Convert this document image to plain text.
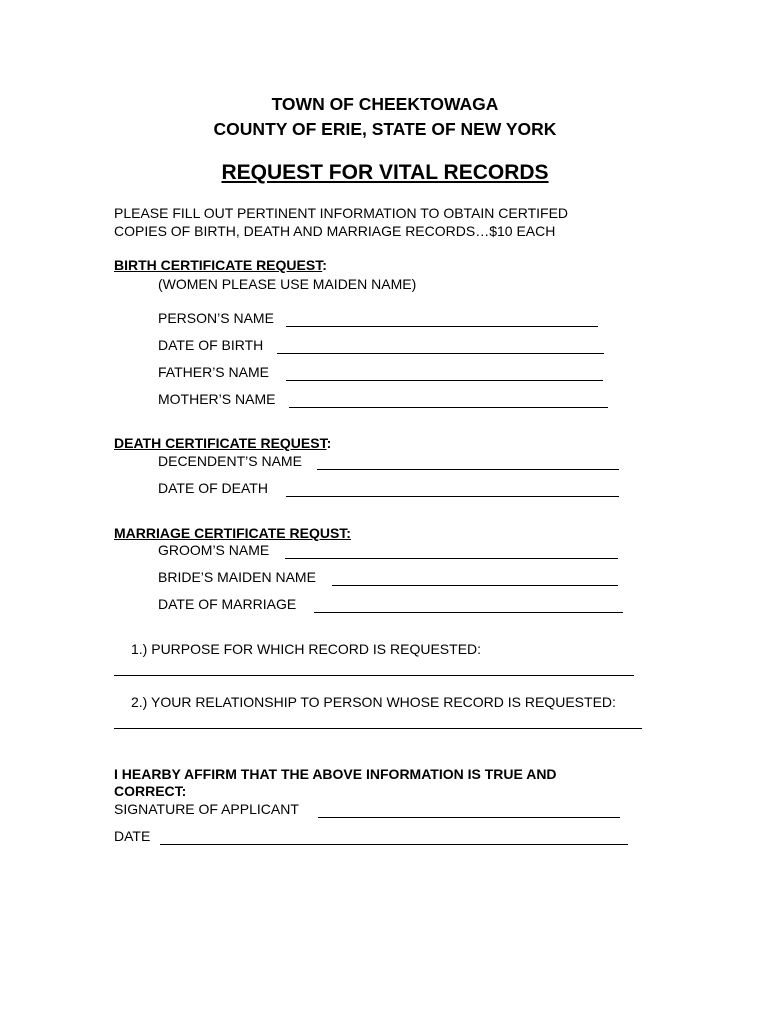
TOWN OF CHEEKTOWAGA
COUNTY OF ERIE, STATE OF NEW YORK
REQUEST FOR VITAL RECORDS
PLEASE FILL OUT PERTINENT INFORMATION TO OBTAIN CERTIFED
COPIES OF BIRTH, DEATH AND MARRIAGE RECORDS…$10 EACH
BIRTH CERTIFICATE REQUEST:
(WOMEN PLEASE USE MAIDEN NAME)
PERSON’S NAME
DATE OF BIRTH
FATHER’S NAME
MOTHER’S NAME
DEATH CERTIFICATE REQUEST:
DECENDENT’S NAME
DATE OF DEATH
MARRIAGE CERTIFICATE REQUST:
GROOM’S NAME
BRIDE’S MAIDEN NAME
DATE OF MARRIAGE
1.) PURPOSE FOR WHICH RECORD IS REQUESTED:
2.) YOUR RELATIONSHIP TO PERSON WHOSE RECORD IS REQUESTED:
I HEARBY AFFIRM THAT THE ABOVE INFORMATION IS TRUE AND
CORRECT:
SIGNATURE OF APPLICANT
DATE
